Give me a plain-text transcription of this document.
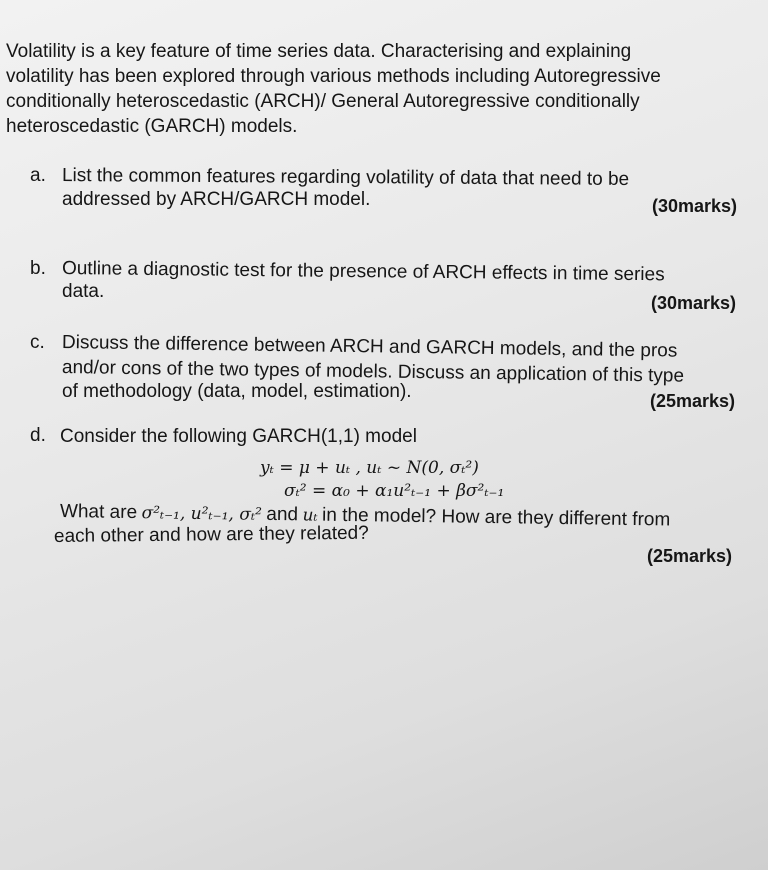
Volatility is a key feature of time series data. Characterising and explaining
volatility has been explored through various methods including Autoregressive
conditionally heteroscedastic (ARCH)/ General Autoregressive conditionally
heteroscedastic (GARCH) models.
a. List the common features regarding volatility of data that need to be
addressed by ARCH/GARCH model.	(30marks)
b. Outline a diagnostic test for the presence of ARCH effects in time series
data.
(30marks)
c. Discuss the difference between ARCH and GARCH models, and the pros
and/or cons of the two types of models. Discuss an application of this type
of methodology (data, model, estimation).	(25marks)
d. Consider the following GARCH(1,1) model
yₜ = μ + uₜ , uₜ ~ N(0, σₜ²)
σₜ² = α₀ + α₁u²ₜ₋₁ + βσ²ₜ₋₁
What are σ²ₜ₋₁, u²ₜ₋₁, σₜ² and uₜ in the model? How are they different from
each other and how are they related?
(25marks)
